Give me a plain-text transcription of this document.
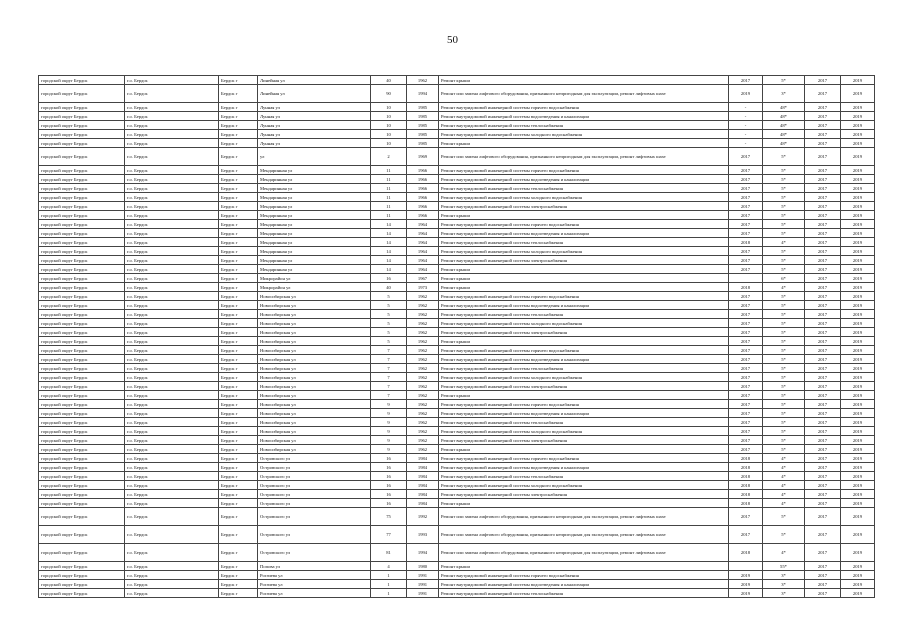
50
городской округ Бердск	г.о. Бердск	Бердск г	Линейная ул	40	1962	Ремонт крыши	2017	5*	2017	2019
городской округ Бердск	г.о. Бердск	Бердск г	Линейная ул	90	1994	Ремонт или замена лифтового оборудования, признанного непригодным для эксплуатации, ремонт лифтовых шахт	2019	3*	2017	2019
городской округ Бердск	г.о. Бердск	Бердск г	Лунная ул	10	1985	Ремонт внутридомовой инженерной системы горячего водоснабжения	-	48*	2017	2019
городской округ Бердск	г.о. Бердск	Бердск г	Лунная ул	10	1985	Ремонт внутридомовой инженерной системы водоотведения и канализации	-	48*	2017	2019
городской округ Бердск	г.о. Бердск	Бердск г	Лунная ул	10	1985	Ремонт внутридомовой инженерной системы теплоснабжения	-	48*	2017	2019
городской округ Бердск	г.о. Бердск	Бердск г	Лунная ул	10	1985	Ремонт внутридомовой инженерной системы холодного водоснабжения	-	48*	2017	2019
городской округ Бердск	г.о. Бердск	Бердск г	Лунная ул	10	1985	Ремонт крыши	-	48*	2017	2019
городской округ Бердск	г.о. Бердск	Бердск г	ул	2	1969	Ремонт или замена лифтового оборудования, признанного непригодным для эксплуатации, ремонт лифтовых шахт	2017	5*	2017	2019
городской округ Бердск	г.о. Бердск	Бердск г	Мендаринная ул	11	1966	Ремонт внутридомовой инженерной системы горячего водоснабжения	2017	5*	2017	2019
городской округ Бердск	г.о. Бердск	Бердск г	Мендаринная ул	11	1966	Ремонт внутридомовой инженерной системы водоотведения и канализации	2017	5*	2017	2019
городской округ Бердск	г.о. Бердск	Бердск г	Мендаринная ул	11	1966	Ремонт внутридомовой инженерной системы теплоснабжения	2017	5*	2017	2019
городской округ Бердск	г.о. Бердск	Бердск г	Мендаринная ул	11	1966	Ремонт внутридомовой инженерной системы холодного водоснабжения	2017	5*	2017	2019
городской округ Бердск	г.о. Бердск	Бердск г	Мендаринная ул	11	1966	Ремонт внутридомовой инженерной системы электроснабжения	2017	5*	2017	2019
городской округ Бердск	г.о. Бердск	Бердск г	Мендаринная ул	11	1966	Ремонт крыши	2017	5*	2017	2019
городской округ Бердск	г.о. Бердск	Бердск г	Мендаринная ул	14	1964	Ремонт внутридомовой инженерной системы горячего водоснабжения	2017	5*	2017	2019
городской округ Бердск	г.о. Бердск	Бердск г	Мендаринная ул	14	1964	Ремонт внутридомовой инженерной системы водоотведения и канализации	2017	5*	2017	2019
городской округ Бердск	г.о. Бердск	Бердск г	Мендаринная ул	14	1964	Ремонт внутридомовой инженерной системы теплоснабжения	2018	4*	2017	2019
городской округ Бердск	г.о. Бердск	Бердск г	Мендаринная ул	14	1964	Ремонт внутридомовой инженерной системы холодного водоснабжения	2017	5*	2017	2019
городской округ Бердск	г.о. Бердск	Бердск г	Мендаринная ул	14	1964	Ремонт внутридомовой инженерной системы электроснабжения	2017	5*	2017	2019
городской округ Бердск	г.о. Бердск	Бердск г	Мендаринная ул	14	1964	Ремонт крыши	2017	5*	2017	2019
городской округ Бердск	г.о. Бердск	Бердск г	Микрорайон ул	16	1967	Ремонт крыши		6*	2017	2019
городской округ Бердск	г.о. Бердск	Бердск г	Микрорайон ул	40	1973	Ремонт крыши	2018	4*	2017	2019
городской округ Бердск	г.о. Бердск	Бердск г	Новосибирская ул	5	1962	Ремонт внутридомовой инженерной системы горячего водоснабжения	2017	5*	2017	2019
городской округ Бердск	г.о. Бердск	Бердск г	Новосибирская ул	5	1962	Ремонт внутридомовой инженерной системы водоотведения и канализации	2017	5*	2017	2019
городской округ Бердск	г.о. Бердск	Бердск г	Новосибирская ул	5	1962	Ремонт внутридомовой инженерной системы теплоснабжения	2017	5*	2017	2019
городской округ Бердск	г.о. Бердск	Бердск г	Новосибирская ул	5	1962	Ремонт внутридомовой инженерной системы холодного водоснабжения	2017	5*	2017	2019
городской округ Бердск	г.о. Бердск	Бердск г	Новосибирская ул	5	1962	Ремонт внутридомовой инженерной системы электроснабжения	2017	5*	2017	2019
городской округ Бердск	г.о. Бердск	Бердск г	Новосибирская ул	5	1962	Ремонт крыши	2017	5*	2017	2019
городской округ Бердск	г.о. Бердск	Бердск г	Новосибирская ул	7	1962	Ремонт внутридомовой инженерной системы горячего водоснабжения	2017	5*	2017	2019
городской округ Бердск	г.о. Бердск	Бердск г	Новосибирская ул	7	1962	Ремонт внутридомовой инженерной системы водоотведения и канализации	2017	5*	2017	2019
городской округ Бердск	г.о. Бердск	Бердск г	Новосибирская ул	7	1962	Ремонт внутридомовой инженерной системы теплоснабжения	2017	5*	2017	2019
городской округ Бердск	г.о. Бердск	Бердск г	Новосибирская ул	7	1962	Ремонт внутридомовой инженерной системы холодного водоснабжения	2017	5*	2017	2019
городской округ Бердск	г.о. Бердск	Бердск г	Новосибирская ул	7	1962	Ремонт внутридомовой инженерной системы электроснабжения	2017	5*	2017	2019
городской округ Бердск	г.о. Бердск	Бердск г	Новосибирская ул	7	1962	Ремонт крыши	2017	5*	2017	2019
городской округ Бердск	г.о. Бердск	Бердск г	Новосибирская ул	9	1962	Ремонт внутридомовой инженерной системы горячего водоснабжения	2017	5*	2017	2019
городской округ Бердск	г.о. Бердск	Бердск г	Новосибирская ул	9	1962	Ремонт внутридомовой инженерной системы водоотведения и канализации	2017	5*	2017	2019
городской округ Бердск	г.о. Бердск	Бердск г	Новосибирская ул	9	1962	Ремонт внутридомовой инженерной системы теплоснабжения	2017	5*	2017	2019
городской округ Бердск	г.о. Бердск	Бердск г	Новосибирская ул	9	1962	Ремонт внутридомовой инженерной системы холодного водоснабжения	2017	5*	2017	2019
городской округ Бердск	г.о. Бердск	Бердск г	Новосибирская ул	9	1962	Ремонт внутридомовой инженерной системы электроснабжения	2017	5*	2017	2019
городской округ Бердск	г.о. Бердск	Бердск г	Новосибирская ул	9	1962	Ремонт крыши	2017	5*	2017	2019
городской округ Бердск	г.о. Бердск	Бердск г	Островского ул	16	1984	Ремонт внутридомовой инженерной системы горячего водоснабжения	2018	4*	2017	2019
городской округ Бердск	г.о. Бердск	Бердск г	Островского ул	16	1984	Ремонт внутридомовой инженерной системы водоотведения и канализации	2018	4*	2017	2019
городской округ Бердск	г.о. Бердск	Бердск г	Островского ул	16	1984	Ремонт внутридомовой инженерной системы теплоснабжения	2018	4*	2017	2019
городской округ Бердск	г.о. Бердск	Бердск г	Островского ул	16	1984	Ремонт внутридомовой инженерной системы холодного водоснабжения	2018	4*	2017	2019
городской округ Бердск	г.о. Бердск	Бердск г	Островского ул	16	1984	Ремонт внутридомовой инженерной системы электроснабжения	2018	4*	2017	2019
городской округ Бердск	г.о. Бердск	Бердск г	Островского ул	16	1984	Ремонт крыши	2018	4*	2017	2019
городской округ Бердск	г.о. Бердск	Бердск г	Островского ул	75	1992	Ремонт или замена лифтового оборудования, признанного непригодным для эксплуатации, ремонт лифтовых шахт	2017	5*	2017	2019
городской округ Бердск	г.о. Бердск	Бердск г	Островского ул	77	1993	Ремонт или замена лифтового оборудования, признанного непригодным для эксплуатации, ремонт лифтовых шахт	2017	5*	2017	2019
городской округ Бердск	г.о. Бердск	Бердск г	Островского ул	81	1994	Ремонт или замена лифтового оборудования, признанного непригодным для эксплуатации, ремонт лифтовых шахт	2018	4*	2017	2019
городской округ Бердск	г.о. Бердск	Бердск г	Попова ул	4	1980	Ремонт крыши		55*	2017	2019
городской округ Бердск	г.о. Бердск	Бердск г	Рогачева ул	1	1991	Ремонт внутридомовой инженерной системы горячего водоснабжения	2019	3*	2017	2019
городской округ Бердск	г.о. Бердск	Бердск г	Рогачева ул	1	1991	Ремонт внутридомовой инженерной системы водоотведения и канализации	2019	3*	2017	2019
городской округ Бердск	г.о. Бердск	Бердск г	Рогачева ул	1	1991	Ремонт внутридомовой инженерной системы теплоснабжения	2019	3*	2017	2019
